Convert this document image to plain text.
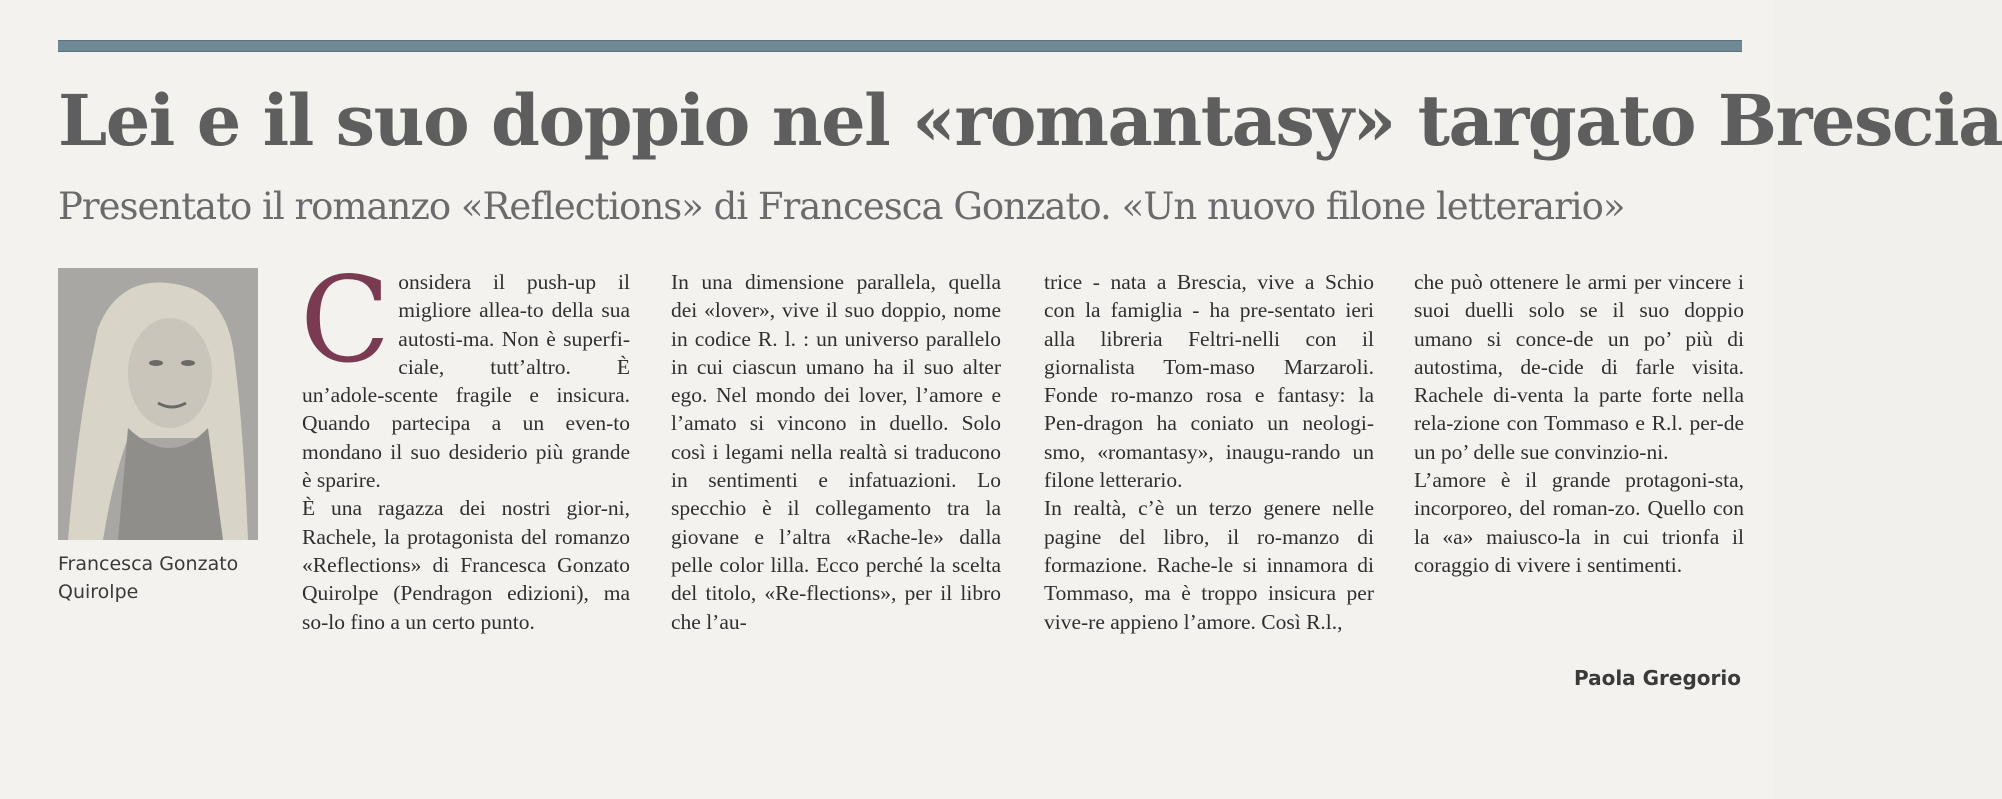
Lei e il suo doppio nel «romantasy» targato Brescia
Presentato il romanzo «Reflections» di Francesca Gonzato. «Un nuovo filone letterario»
Francesca Gonzato
Quirolpe

Considera il push-up il migliore allea-to della sua autosti-ma. Non è superfi-ciale, tutt’altro. È un’adole-scente fragile e insicura. Quando partecipa a un even-to mondano il suo desiderio più grande è sparire.

È una ragazza dei nostri gior-ni, Rachele, la protagonista del romanzo «Reflections» di Francesca Gonzato Quirolpe (Pendragon edizioni), ma so-lo fino a un certo punto.

In una dimensione parallela, quella dei «lover», vive il suo doppio, nome in codice R. l. : un universo parallelo in cui ciascun umano ha il suo alter ego. Nel mondo dei lover, l’amore e l’amato si vincono in duello. Solo così i legami nella realtà si traducono in sentimenti e infatuazioni. Lo specchio è il collegamento tra la giovane e l’altra «Rache-le» dalla pelle color lilla. Ecco perché la scelta del titolo, «Re-flections», per il libro che l’au-

trice - nata a Brescia, vive a Schio con la famiglia - ha pre-sentato ieri alla libreria Feltri-nelli con il giornalista Tom-maso Marzaroli. Fonde ro-manzo rosa e fantasy: la Pen-dragon ha coniato un neologi-smo, «romantasy», inaugu-rando un filone letterario.

In realtà, c’è un terzo genere nelle pagine del libro, il ro-manzo di formazione. Rache-le si innamora di Tommaso, ma è troppo insicura per vive-re appieno l’amore. Così R.l.,

che può ottenere le armi per vincere i suoi duelli solo se il suo doppio umano si conce-de un po’ più di autostima, de-cide di farle visita. Rachele di-venta la parte forte nella rela-zione con Tommaso e R.l. per-de un po’ delle sue convinzio-ni.

L’amore è il grande protagoni-sta, incorporeo, del roman-zo. Quello con la «a» maiusco-la in cui trionfa il coraggio di vivere i sentimenti.

Paola Gregorio
